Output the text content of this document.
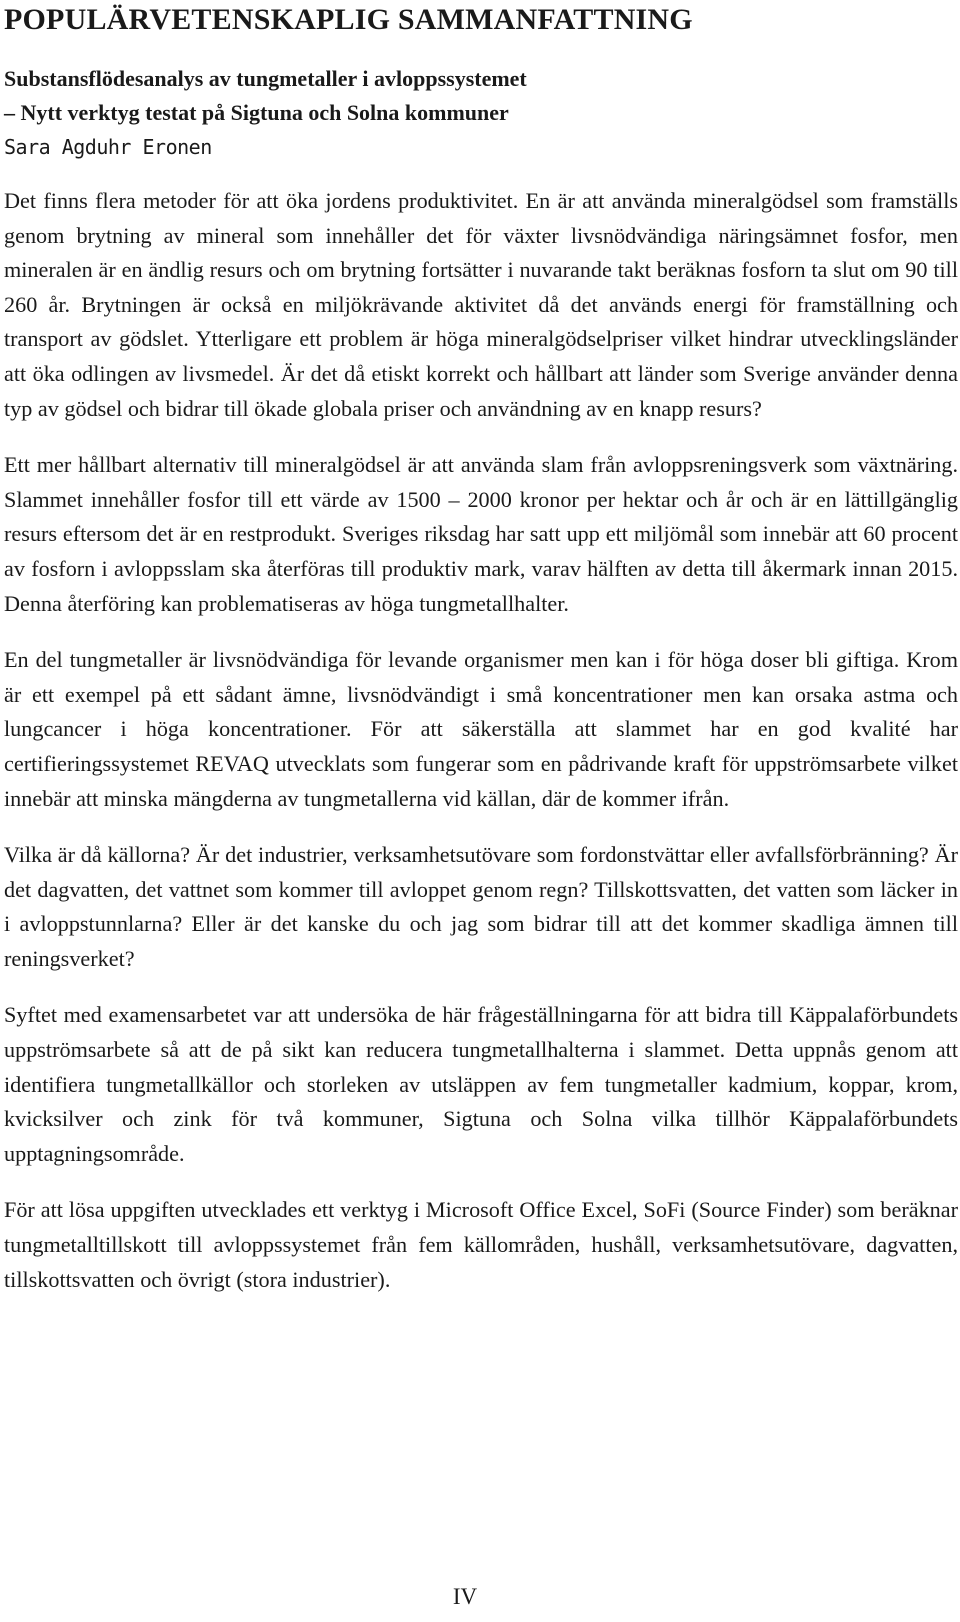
POPULÄRVETENSKAPLIG SAMMANFATTNING
Substansflödesanalys av tungmetaller i avloppssystemet
– Nytt verktyg testat på Sigtuna och Solna kommuner
Sara Agduhr Eronen

Det finns flera metoder för att öka jordens produktivitet. En är att använda mineralgödsel som framställs genom brytning av mineral som innehåller det för växter livsnödvändiga näringsämnet fosfor, men mineralen är en ändlig resurs och om brytning fortsätter i nuvarande takt beräknas fosforn ta slut om 90 till 260 år. Brytningen är också en miljökrävande aktivitet då det används energi för framställning och transport av gödslet. Ytterligare ett problem är höga mineralgödselpriser vilket hindrar utvecklingsländer att öka odlingen av livsmedel. Är det då etiskt korrekt och hållbart att länder som Sverige använder denna typ av gödsel och bidrar till ökade globala priser och användning av en knapp resurs?

Ett mer hållbart alternativ till mineralgödsel är att använda slam från avloppsreningsverk som växtnäring. Slammet innehåller fosfor till ett värde av 1500 – 2000 kronor per hektar och år och är en lättillgänglig resurs eftersom det är en restprodukt. Sveriges riksdag har satt upp ett miljömål som innebär att 60 procent av fosforn i avloppsslam ska återföras till produktiv mark, varav hälften av detta till åkermark innan 2015. Denna återföring kan problematiseras av höga tungmetallhalter.

En del tungmetaller är livsnödvändiga för levande organismer men kan i för höga doser bli giftiga. Krom är ett exempel på ett sådant ämne, livsnödvändigt i små koncentrationer men kan orsaka astma och lungcancer i höga koncentrationer. För att säkerställa att slammet har en god kvalité har certifieringssystemet REVAQ utvecklats som fungerar som en pådrivande kraft för uppströmsarbete vilket innebär att minska mängderna av tungmetallerna vid källan, där de kommer ifrån.

Vilka är då källorna? Är det industrier, verksamhetsutövare som fordonstvättar eller avfallsförbränning? Är det dagvatten, det vattnet som kommer till avloppet genom regn? Tillskottsvatten, det vatten som läcker in i avloppstunnlarna? Eller är det kanske du och jag som bidrar till att det kommer skadliga ämnen till reningsverket?

Syftet med examensarbetet var att undersöka de här frågeställningarna för att bidra till Käppalaförbundets uppströmsarbete så att de på sikt kan reducera tungmetallhalterna i slammet. Detta uppnås genom att identifiera tungmetallkällor och storleken av utsläppen av fem tungmetaller kadmium, koppar, krom, kvicksilver och zink för två kommuner, Sigtuna och Solna vilka tillhör Käppalaförbundets upptagningsområde.

För att lösa uppgiften utvecklades ett verktyg i Microsoft Office Excel, SoFi (Source Finder) som beräknar tungmetalltillskott till avloppssystemet från fem källområden, hushåll, verksamhetsutövare, dagvatten, tillskottsvatten och övrigt (stora industrier).

IV
